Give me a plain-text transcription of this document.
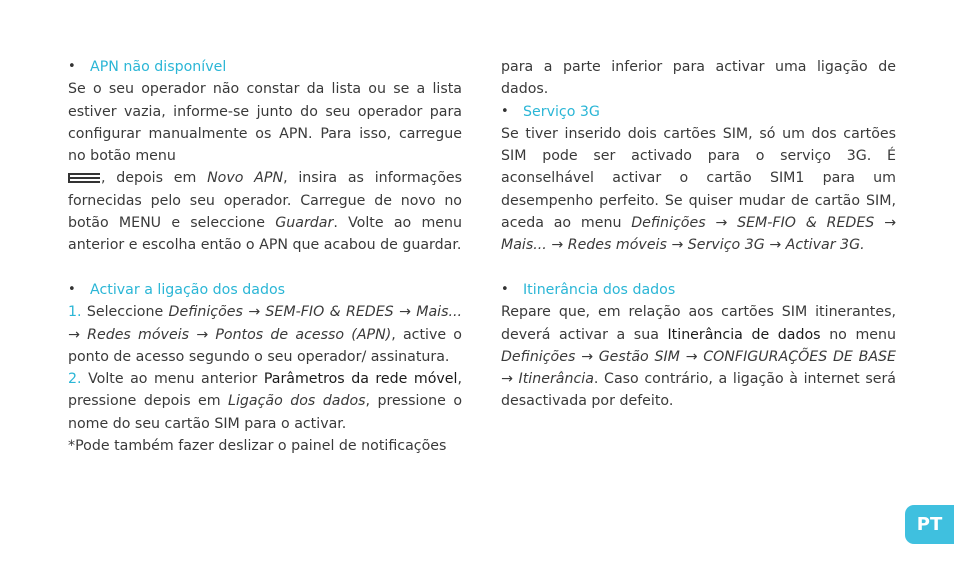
•	APN não disponível

Se o seu operador não constar da lista ou se a lista estiver vazia, informe-se junto do seu operador para configurar manualmente os APN. Para isso, carregue no botão menu

, depois em Novo APN, insira as informações fornecidas pelo seu operador. Carregue de novo no botão MENU e seleccione Guardar. Volte ao menu anterior e escolha então o APN que acabou de guardar.

•	Activar a ligação dos dados

1. Seleccione Definições → SEM-FIO & REDES → Mais... → Redes móveis → Pontos de acesso (APN), active o ponto de acesso segundo o seu operador/ assinatura.

2. Volte ao menu anterior Parâmetros da rede móvel, pressione depois em Ligação dos dados, pressione o nome do seu cartão SIM para o activar.

*Pode também fazer deslizar o painel de notificações

para a parte inferior para activar uma ligação de dados.

•	Serviço 3G

Se tiver inserido dois cartões SIM, só um dos cartões SIM pode ser activado para o serviço 3G. É aconselhável activar o cartão SIM1 para um desempenho perfeito. Se quiser mudar de cartão SIM, aceda ao menu Definições → SEM-FIO & REDES → Mais... → Redes móveis → Serviço 3G → Activar 3G.

•	Itinerância dos dados

Repare que, em relação aos cartões SIM itinerantes, deverá activar a sua Itinerância de dados no menu Definições → Gestão SIM → CONFIGURAÇÕES DE BASE → Itinerância. Caso contrário, a ligação à internet será desactivada por defeito.

PT
